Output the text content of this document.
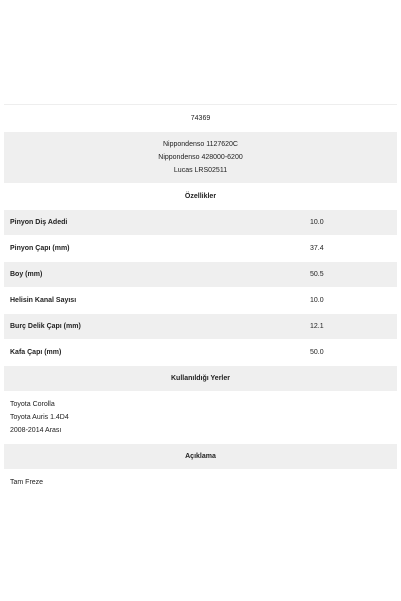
74369
Nippondenso 1127620C
Nippondenso 428000-6200
Lucas LRS02511
Özellikler
Pinyon Diş Adedi	10.0
Pinyon Çapı (mm)	37.4
Boy (mm)	50.5
Helisin Kanal Sayısı	10.0
Burç Delik Çapı (mm)	12.1
Kafa Çapı (mm)	50.0
Kullanıldığı Yerler
Toyota Corolla
Toyota Auris 1.4D4
2008-2014 Arası
Açıklama
Tam Freze
